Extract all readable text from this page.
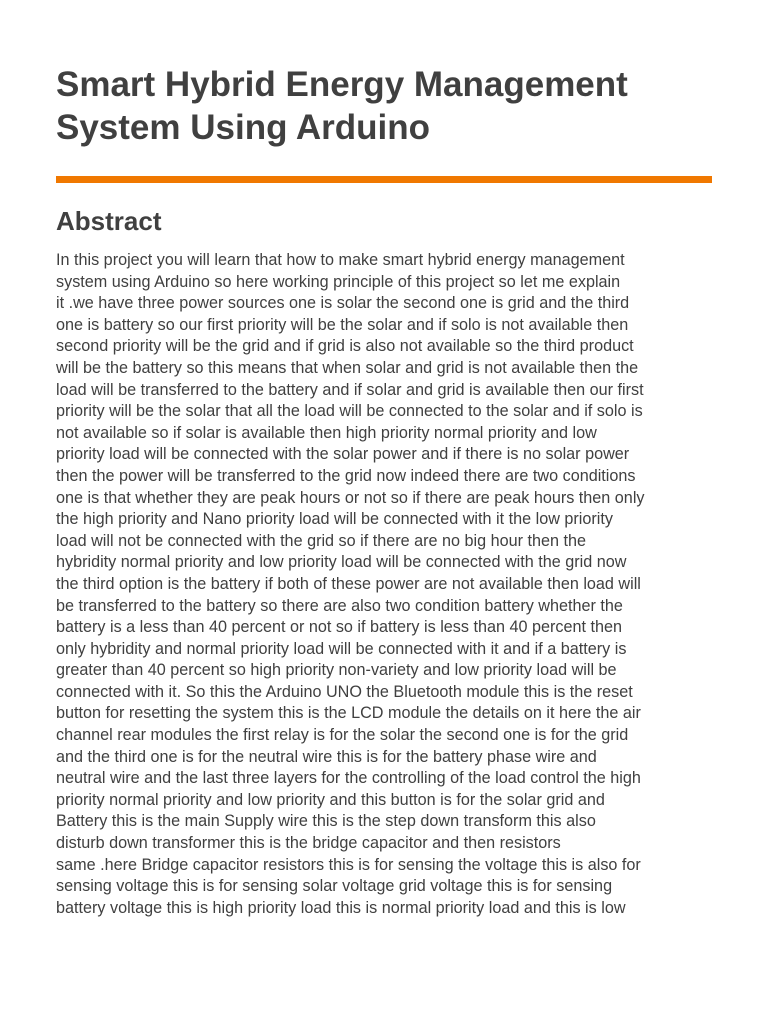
Smart Hybrid Energy Management
System Using Arduino
Abstract
In this project you will learn that how to make smart hybrid energy management
system using Arduino so here working principle of this project so let me explain
it .we have three power sources one is solar the second one is grid and the third
one is battery so our first priority will be the solar and if solo is not available then
second priority will be the grid and if grid is also not available so the third product
will be the battery so this means that when solar and grid is not available then the
load will be transferred to the battery and if solar and grid is available then our first
priority will be the solar that all the load will be connected to the solar and if solo is
not available so if solar is available then high priority normal priority and low
priority load will be connected with the solar power and if there is no solar power
then the power will be transferred to the grid now indeed there are two conditions
one is that whether they are peak hours or not so if there are peak hours then only
the high priority and Nano priority load will be connected with it the low priority
load will not be connected with the grid so if there are no big hour then the
hybridity normal priority and low priority load will be connected with the grid now
the third option is the battery if both of these power are not available then load will
be transferred to the battery so there are also two condition battery whether the
battery is a less than 40 percent or not so if battery is less than 40 percent then
only hybridity and normal priority load will be connected with it and if a battery is
greater than 40 percent so high priority non-variety and low priority load will be
connected with it. So this the Arduino UNO the Bluetooth module this is the reset
button for resetting the system this is the LCD module the details on it here the air
channel rear modules the first relay is for the solar the second one is for the grid
and the third one is for the neutral wire this is for the battery phase wire and
neutral wire and the last three layers for the controlling of the load control the high
priority normal priority and low priority and this button is for the solar grid and
Battery this is the main Supply wire this is the step down transform this also
disturb down transformer this is the bridge capacitor and then resistors
same .here Bridge capacitor resistors this is for sensing the voltage this is also for
sensing voltage this is for sensing solar voltage grid voltage this is for sensing
battery voltage this is high priority load this is normal priority load and this is low
